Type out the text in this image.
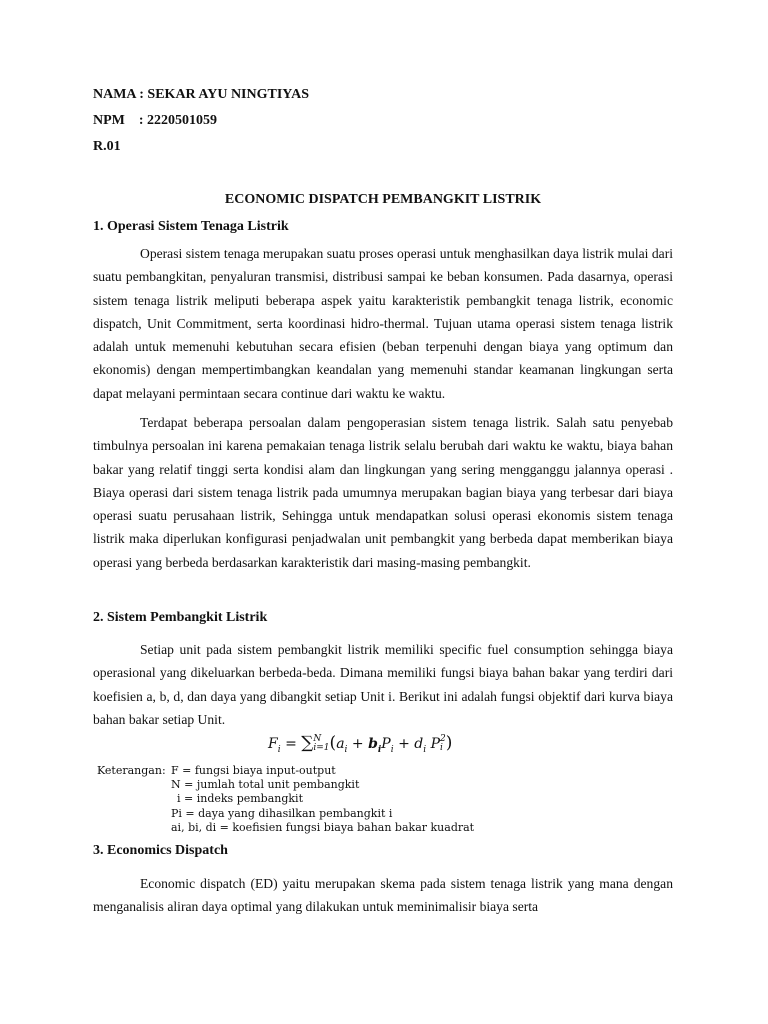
NAMA : SEKAR AYU NINGTIYAS
NPM : 2220501059
R.01
ECONOMIC DISPATCH PEMBANGKIT LISTRIK
1. Operasi Sistem Tenaga Listrik

Operasi sistem tenaga merupakan suatu proses operasi untuk menghasilkan daya listrik mulai dari suatu pembangkitan, penyaluran transmisi, distribusi sampai ke beban konsumen. Pada dasarnya, operasi sistem tenaga listrik meliputi beberapa aspek yaitu karakteristik pembangkit tenaga listrik, economic dispatch, Unit Commitment, serta koordinasi hidro-thermal. Tujuan utama operasi sistem tenaga listrik adalah untuk memenuhi kebutuhan secara efisien (beban terpenuhi dengan biaya yang optimum dan ekonomis) dengan mempertimbangkan keandalan yang memenuhi standar keamanan lingkungan serta dapat melayani permintaan secara continue dari waktu ke waktu.

Terdapat beberapa persoalan dalam pengoperasian sistem tenaga listrik. Salah satu penyebab timbulnya persoalan ini karena pemakaian tenaga listrik selalu berubah dari waktu ke waktu, biaya bahan bakar yang relatif tinggi serta kondisi alam dan lingkungan yang sering mengganggu jalannya operasi . Biaya operasi dari sistem tenaga listrik pada umumnya merupakan bagian biaya yang terbesar dari biaya operasi suatu perusahaan listrik, Sehingga untuk mendapatkan solusi operasi ekonomis sistem tenaga listrik maka diperlukan konfigurasi penjadwalan unit pembangkit yang berbeda dapat memberikan biaya operasi yang berbeda berdasarkan karakteristik dari masing-masing pembangkit.

2. Sistem Pembangkit Listrik

Setiap unit pada sistem pembangkit listrik memiliki specific fuel consumption sehingga biaya operasional yang dikeluarkan berbeda-beda. Dimana memiliki fungsi biaya bahan bakar yang terdiri dari koefisien a, b, d, dan daya yang dibangkit setiap Unit i. Berikut ini adalah fungsi objektif dari kurva biaya bahan bakar setiap Unit.

$F_i$ = ∑ N
i=1 ($a_i + b_iP_i + d_i$ P 2
i )
Keterangan: F = fungsi biaya input-output
N = jumlah total unit pembangkit
i = indeks pembangkit
Pi = daya yang dihasilkan pembangkit i
ai, bi, di = koefisien fungsi biaya bahan bakar kuadrat
3. Economics Dispatch

Economic dispatch (ED) yaitu merupakan skema pada sistem tenaga listrik yang mana dengan menganalisis aliran daya optimal yang dilakukan untuk meminimalisir biaya serta
